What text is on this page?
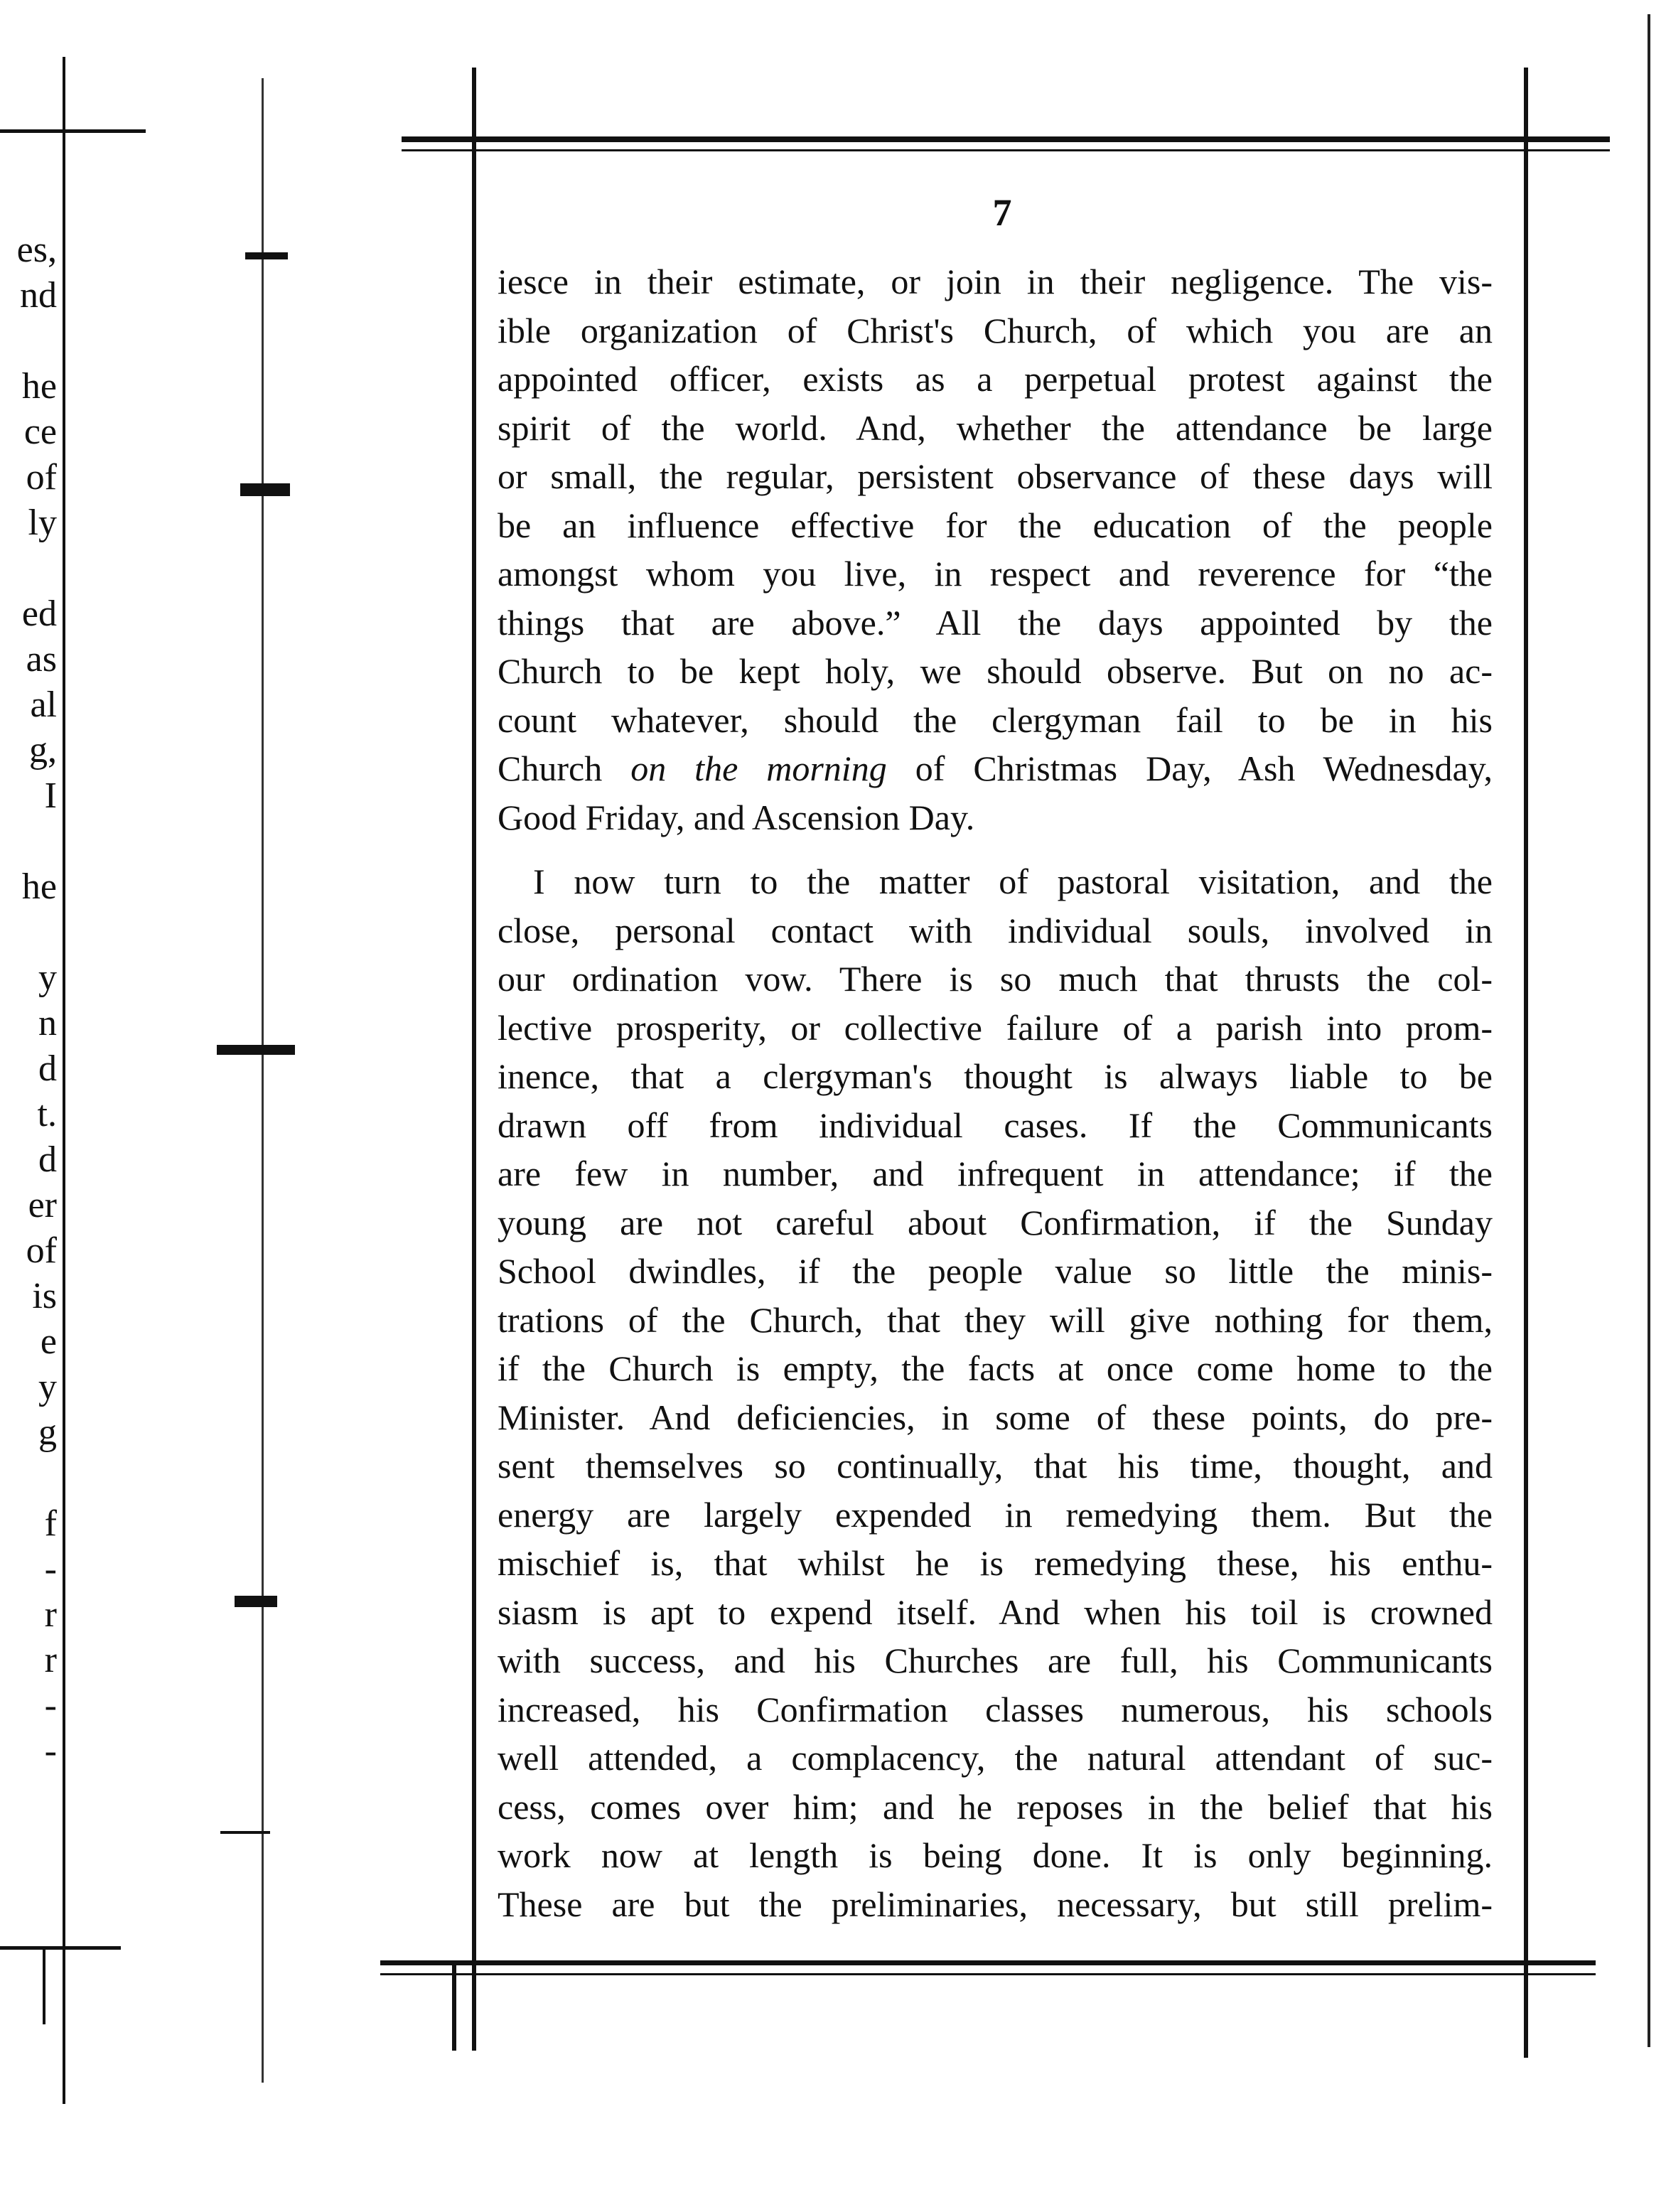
es,
nd
he
ce
of
ly
ed
as
al
g,
I
he
y
n
d
t.
d
er
of
is
e
y
g
f
-
r
r
-
-
7
iesce in their estimate, or join in their negligence. The vis-
ible organization of Christ's Church, of which you are an
appointed officer, exists as a perpetual protest against the
spirit of the world. And, whether the attendance be large
or small, the regular, persistent observance of these days will
be an influence effective for the education of the people
amongst whom you live, in respect and reverence for “the
things that are above.” All the days appointed by the
Church to be kept holy, we should observe. But on no ac-
count whatever, should the clergyman fail to be in his
Church on the morning of Christmas Day, Ash Wednesday,
Good Friday, and Ascension Day.
I now turn to the matter of pastoral visitation, and the
close, personal contact with individual souls, involved in
our ordination vow. There is so much that thrusts the col-
lective prosperity, or collective failure of a parish into prom-
inence, that a clergyman's thought is always liable to be
drawn off from individual cases. If the Communicants
are few in number, and infrequent in attendance; if the
young are not careful about Confirmation, if the Sunday
School dwindles, if the people value so little the minis-
trations of the Church, that they will give nothing for them,
if the Church is empty, the facts at once come home to the
Minister. And deficiencies, in some of these points, do pre-
sent themselves so continually, that his time, thought, and
energy are largely expended in remedying them. But the
mischief is, that whilst he is remedying these, his enthu-
siasm is apt to expend itself. And when his toil is crowned
with success, and his Churches are full, his Communicants
increased, his Confirmation classes numerous, his schools
well attended, a complacency, the natural attendant of suc-
cess, comes over him; and he reposes in the belief that his
work now at length is being done. It is only beginning.
These are but the preliminaries, necessary, but still prelim-
